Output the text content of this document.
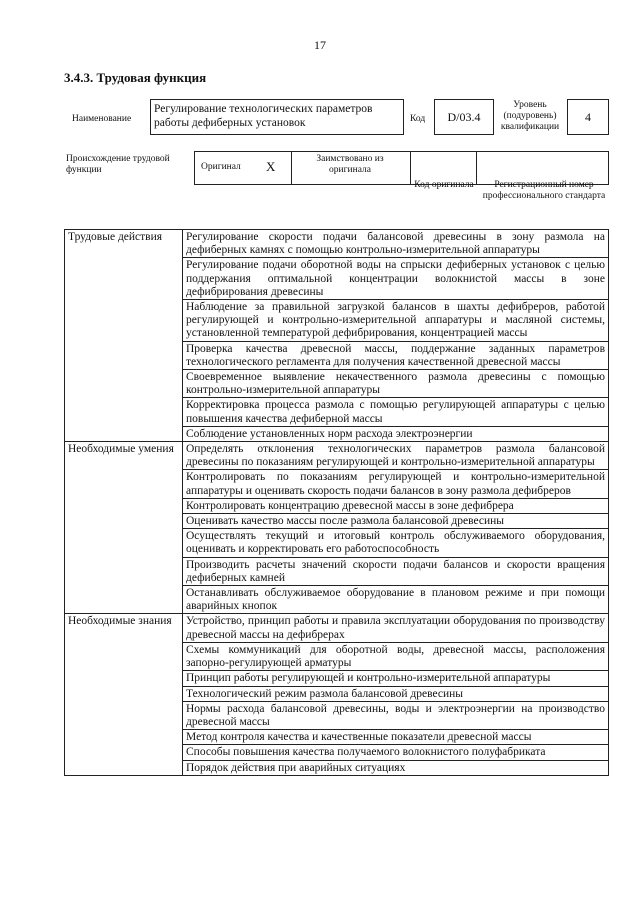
17
3.4.3. Трудовая функция
Наименование
Регулирование технологических параметров работы дефиберных установок	Код	D/03.4
Уровень (подуровень) квалификации
4
Происхождение трудовой функции	Оригинал X	Заимствовано из оригинала
Код оригинала	Регистрационный номер профессионального стандарта
Трудовые действия	Регулирование скорости подачи балансовой древесины в зону размола на дефиберных камнях с помощью контрольно-измерительной аппаратуры
	Регулирование подачи оборотной воды на спрыски дефиберных установок с целью поддержания оптимальной концентрации волокнистой массы в зоне дефибрирования древесины
	Наблюдение за правильной загрузкой балансов в шахты дефибреров, работой регулирующей и контрольно-измерительной аппаратуры и масляной системы, установленной температурой дефибрирования, концентрацией массы
	Проверка качества древесной массы, поддержание заданных параметров технологического регламента для получения качественной древесной массы
	Своевременное выявление некачественного размола древесины с помощью контрольно-измерительной аппаратуры
	Корректировка процесса размола с помощью регулирующей аппаратуры с целью повышения качества дефиберной массы
	Соблюдение установленных норм расхода электроэнергии
Необходимые умения	Определять отклонения технологических параметров размола балансовой древесины по показаниям регулирующей и контрольно-измерительной аппаратуры
	Контролировать по показаниям регулирующей и контрольно-измерительной аппаратуры и оценивать скорость подачи балансов в зону размола дефибреров
	Контролировать концентрацию древесной массы в зоне дефибрера
	Оценивать качество массы после размола балансовой древесины
	Осуществлять текущий и итоговый контроль обслуживаемого оборудования, оценивать и корректировать его работоспособность
	Производить расчеты значений скорости подачи балансов и скорости вращения дефиберных камней
	Останавливать обслуживаемое оборудование в плановом режиме и при помощи аварийных кнопок
Необходимые знания	Устройство, принцип работы и правила эксплуатации оборудования по производству древесной массы на дефибрерах
	Схемы коммуникаций для оборотной воды, древесной массы, расположения запорно-регулирующей арматуры
	Принцип работы регулирующей и контрольно-измерительной аппаратуры
	Технологический режим размола балансовой древесины
	Нормы расхода балансовой древесины, воды и электроэнергии на производство древесной массы
	Метод контроля качества и качественные показатели древесной массы
	Способы повышения качества получаемого волокнистого полуфабриката
	Порядок действия при аварийных ситуациях
